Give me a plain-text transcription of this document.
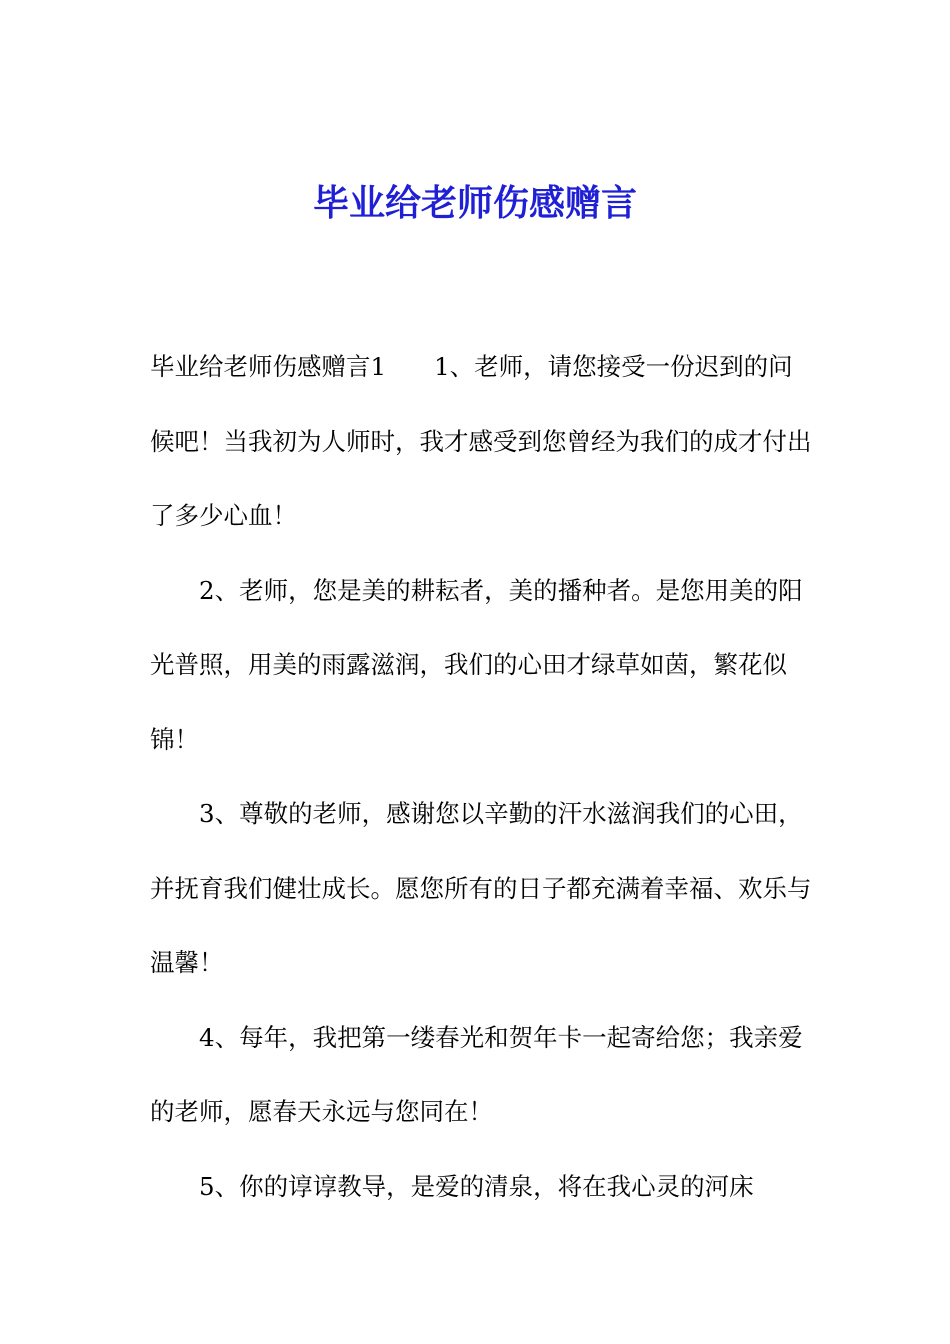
毕业给老师伤感赠言

毕业给老师伤感赠言1 1、老师，请您接受一份迟到的问候吧！当我初为人师时，我才感受到您曾经为我们的成才付出了多少心血！

2、老师，您是美的耕耘者，美的播种者。是您用美的阳光普照，用美的雨露滋润，我们的心田才绿草如茵，繁花似锦！

3、尊敬的老师，感谢您以辛勤的汗水滋润我们的心田，并抚育我们健壮成长。愿您所有的日子都充满着幸福、欢乐与温馨！

4、每年，我把第一缕春光和贺年卡一起寄给您；我亲爱的老师，愿春天永远与您同在！

5、你的谆谆教导，是爱的清泉，将在我心灵的河床
